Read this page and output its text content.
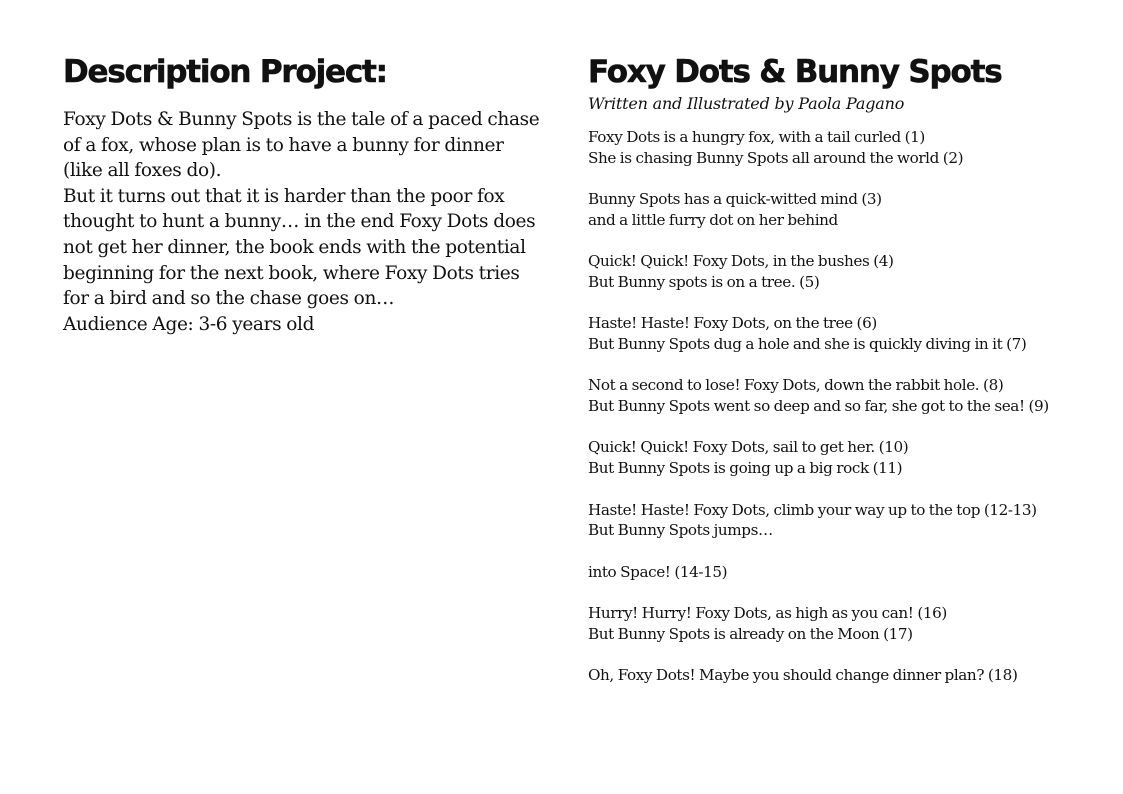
Description Project:

Foxy Dots & Bunny Spots is the tale of a paced chase of a fox, whose plan is to have a bunny for dinner (like all foxes do).

But it turns out that it is harder than the poor fox thought to hunt a bunny… in the end Foxy Dots does not get her dinner, the book ends with the potential beginning for the next book, where Foxy Dots tries for a bird and so the chase goes on…

Audience Age: 3-6 years old

Foxy Dots & Bunny Spots

Written and Illustrated by Paola Pagano

Foxy Dots is a hungry fox, with a tail curled (1)
She is chasing Bunny Spots all around the world (2)
Bunny Spots has a quick-witted mind (3)
and a little furry dot on her behind
Quick! Quick! Foxy Dots, in the bushes (4)
But Bunny spots is on a tree. (5)
Haste! Haste! Foxy Dots, on the tree (6)
But Bunny Spots dug a hole and she is quickly diving in it (7)
Not a second to lose! Foxy Dots, down the rabbit hole. (8)
But Bunny Spots went so deep and so far, she got to the sea! (9)
Quick! Quick! Foxy Dots, sail to get her. (10)
But Bunny Spots is going up a big rock (11)
Haste! Haste! Foxy Dots, climb your way up to the top (12-13)
But Bunny Spots jumps…
into Space! (14-15)
Hurry! Hurry! Foxy Dots, as high as you can! (16)
But Bunny Spots is already on the Moon (17)
Oh, Foxy Dots! Maybe you should change dinner plan? (18)
